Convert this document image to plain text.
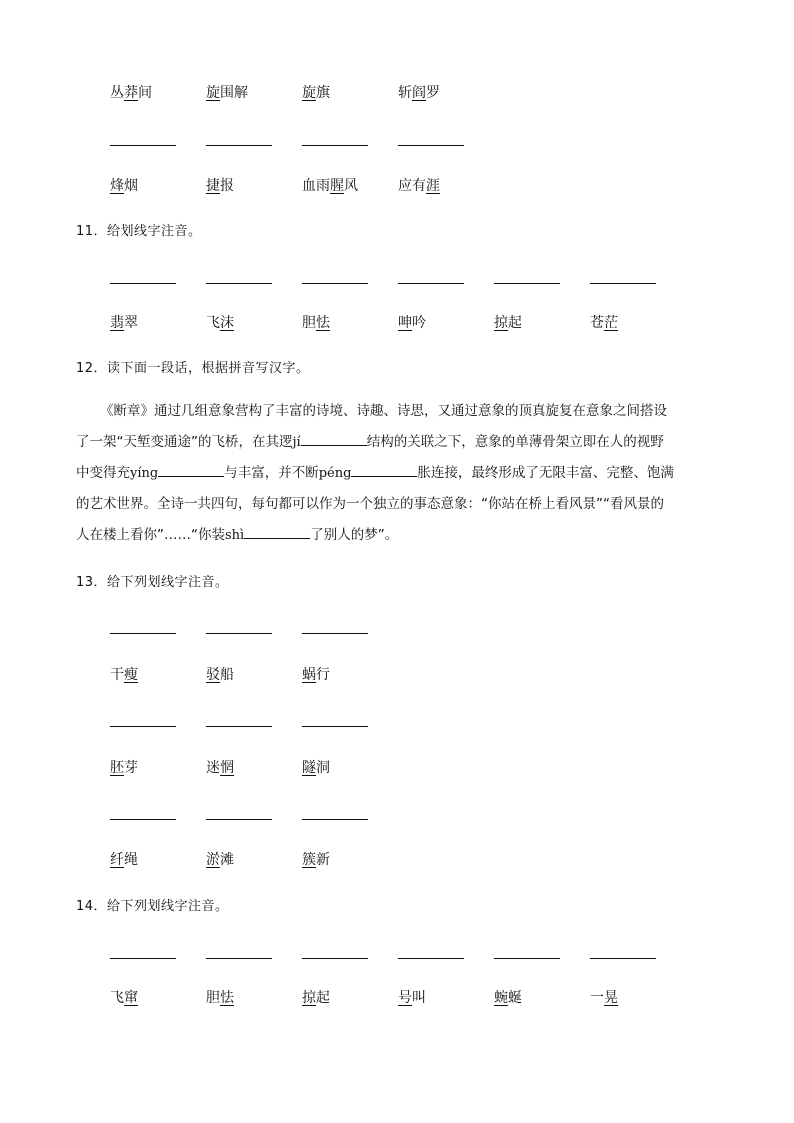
丛莽间	旋围解	旋旗	斩阎罗
烽烟	捷报	血雨腥风	应有涯
11．给划线字注音。
翡翠	飞沫	胆怯	呻吟	掠起	苍茫
12．读下面一段话，根据拼音写汉字。
《断章》通过几组意象营构了丰富的诗境、诗趣、诗思，又通过意象的顶真旋复在意象之间搭设
了一架“天堑变通途”的飞桥，在其逻jí	结构的关联之下，意象的单薄骨架立即在人的视野
中变得充yíng	与丰富，并不断péng	胀连接，最终形成了无限丰富、完整、饱满
的艺术世界。全诗一共四句，每句都可以作为一个独立的事态意象：“你站在桥上看风景”“看风景的
人在楼上看你”……“你装shì	了别人的梦”。
13．给下列划线字注音。
干瘦	驳船	蜗行
胚芽	迷惘	隧洞
纤绳	淤滩	簇新
14．给下列划线字注音。
飞窜	胆怯	掠起	号叫	蜿蜒	一晃
